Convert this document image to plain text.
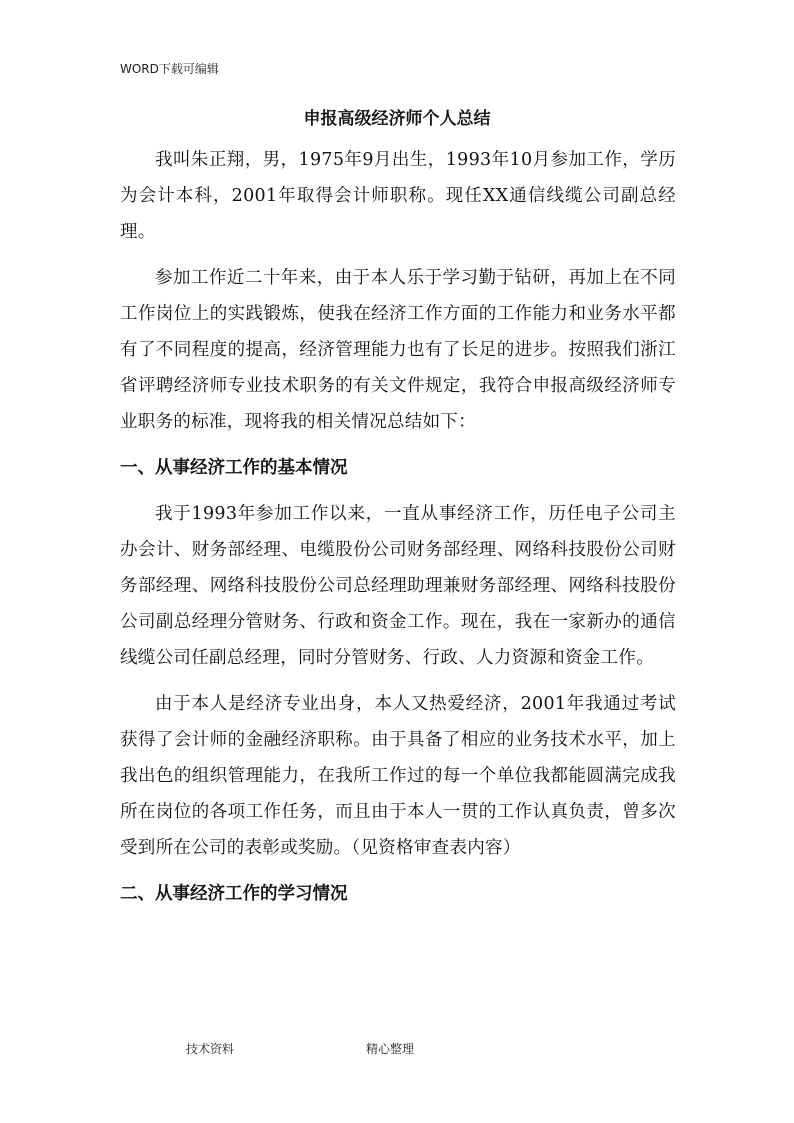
WORD下载可编辑
申报高级经济师个人总结

我叫朱正翔，男，1975年9月出生，1993年10月参加工作，学历为会计本科，2001年取得会计师职称。现任XX通信线缆公司副总经理。

参加工作近二十年来，由于本人乐于学习勤于钻研，再加上在不同工作岗位上的实践锻炼，使我在经济工作方面的工作能力和业务水平都有了不同程度的提高，经济管理能力也有了长足的进步。按照我们浙江省评聘经济师专业技术职务的有关文件规定，我符合申报高级经济师专业职务的标准，现将我的相关情况总结如下：

一、从事经济工作的基本情况

我于1993年参加工作以来，一直从事经济工作，历任电子公司主办会计、财务部经理、电缆股份公司财务部经理、网络科技股份公司财务部经理、网络科技股份公司总经理助理兼财务部经理、网络科技股份公司副总经理分管财务、行政和资金工作。现在，我在一家新办的通信线缆公司任副总经理，同时分管财务、行政、人力资源和资金工作。

由于本人是经济专业出身，本人又热爱经济，2001年我通过考试获得了会计师的金融经济职称。由于具备了相应的业务技术水平，加上我出色的组织管理能力，在我所工作过的每一个单位我都能圆满完成我所在岗位的各项工作任务，而且由于本人一贯的工作认真负责，曾多次受到所在公司的表彰或奖励。（见资格审查表内容）

二、从事经济工作的学习情况
技术资料	精心整理
